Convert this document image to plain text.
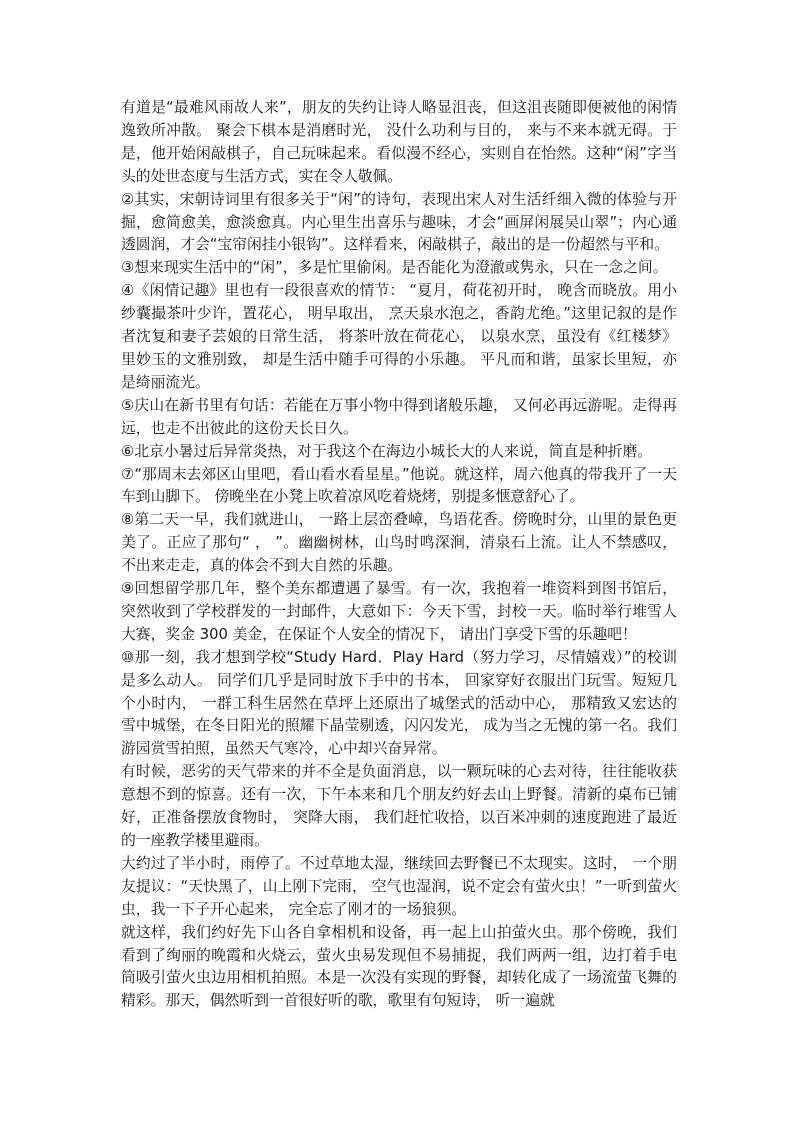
有道是“最难风雨故人来”，朋友的失约让诗人略显沮丧，但这沮丧随即便被他的闲情逸致所冲散。 聚会下棋本是消磨时光， 没什么功利与目的， 来与不来本就无碍。于是，他开始闲敲棋子，自己玩味起来。看似漫不经心，实则自在怡然。这种“闲”字当头的处世态度与生活方式，实在令人敬佩。

②其实，宋朝诗词里有很多关于“闲”的诗句，表现出宋人对生活纤细入微的体验与开掘，愈简愈美，愈淡愈真。内心里生出喜乐与趣味，才会“画屏闲展吴山翠”；内心通透圆润，才会“宝帘闲挂小银钩”。这样看来，闲敲棋子，敲出的是一份超然与平和。

③想来现实生活中的“闲”，多是忙里偷闲。是否能化为澄澈或隽永，只在一念之间。

④《闲情记趣》里也有一段很喜欢的情节： “夏月，荷花初开时， 晚含而晓放。用小纱囊撮茶叶少许，置花心， 明早取出， 烹天泉水泡之，香韵尤绝。”这里记叙的是作者沈复和妻子芸娘的日常生活， 将茶叶放在荷花心， 以泉水烹，虽没有《红楼梦》 里妙玉的文雅别致， 却是生活中随手可得的小乐趣。 平凡而和谐，虽家长里短，亦是绮丽流光。

⑤庆山在新书里有句话：若能在万事小物中得到诸般乐趣， 又何必再远游呢。走得再远，也走不出彼此的这份天长日久。

⑥北京小暑过后异常炎热，对于我这个在海边小城长大的人来说，简直是种折磨。

⑦“那周末去郊区山里吧，看山看水看星星。”他说。就这样，周六他真的带我开了一天车到山脚下。 傍晚坐在小凳上吹着凉风吃着烧烤，别提多惬意舒心了。

⑧第二天一早，我们就进山， 一路上层峦叠嶂，鸟语花香。傍晚时分，山里的景色更美了。正应了那句“ ， ”。幽幽树林，山鸟时鸣深涧，清泉石上流。让人不禁感叹，不出来走走，真的体会不到大自然的乐趣。

⑨回想留学那几年，整个美东都遭遇了暴雪。有一次，我抱着一堆资料到图书馆后，突然收到了学校群发的一封邮件，大意如下：今天下雪，封校一天。临时举行堆雪人大赛，奖金 300 美金，在保证个人安全的情况下， 请出门享受下雪的乐趣吧！

⑩那一刻，我才想到学校“Study Hard．Play Hard（努力学习，尽情嬉戏）”的校训是多么动人。 同学们几乎是同时放下手中的书本， 回家穿好衣服出门玩雪。短短几个小时内， 一群工科生居然在草坪上还原出了城堡式的活动中心， 那精致又宏达的雪中城堡，在冬日阳光的照耀下晶莹剔透，闪闪发光， 成为当之无愧的第一名。我们游园赏雪拍照，虽然天气寒冷，心中却兴奋异常。

有时候，恶劣的天气带来的并不全是负面消息，以一颗玩味的心去对待，往往能收获意想不到的惊喜。还有一次，下午本来和几个朋友约好去山上野餐。清新的桌布已铺好，正准备摆放食物时， 突降大雨， 我们赶忙收拾，以百米冲刺的速度跑进了最近的一座教学楼里避雨。

大约过了半小时，雨停了。不过草地太湿，继续回去野餐已不太现实。这时， 一个朋友提议：“天快黑了，山上刚下完雨， 空气也湿润，说不定会有萤火虫！”一听到萤火虫，我一下子开心起来， 完全忘了刚才的一场狼狈。

就这样，我们约好先下山各自拿相机和设备，再一起上山拍萤火虫。那个傍晚，我们看到了绚丽的晚霞和火烧云，萤火虫易发现但不易捕捉，我们两两一组，边打着手电筒吸引萤火虫边用相机拍照。本是一次没有实现的野餐，却转化成了一场流萤飞舞的精彩。那天，偶然听到一首很好听的歌，歌里有句短诗， 听一遍就
